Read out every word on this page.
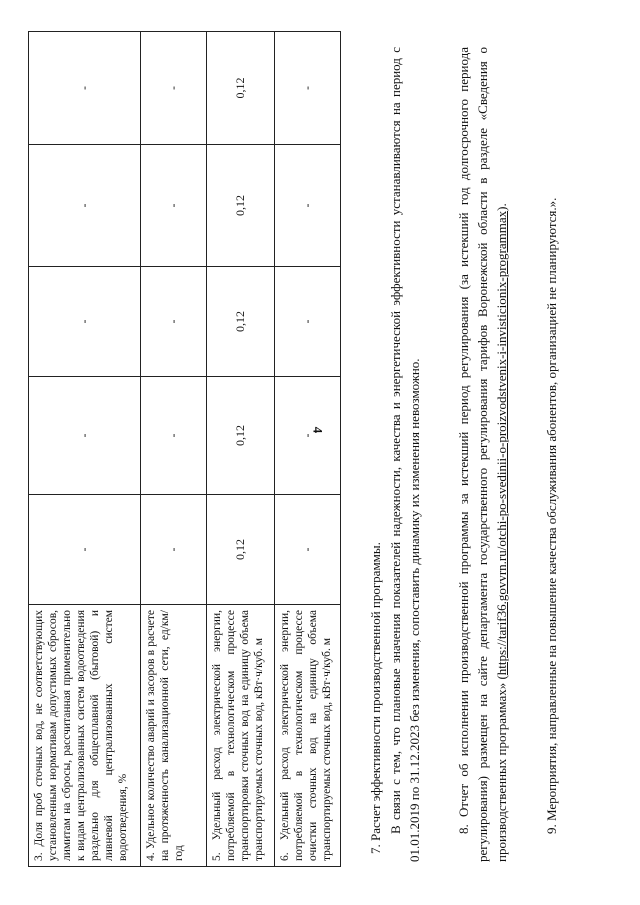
4
3. Доля проб сточных вод, не соответствующих установленным нормативам допустимых сбросов, лимитам на сбросы, рассчитанная применительно к видам централизованных систем водоотведения раздельно для общесплавной (бытовой) и ливневой централизованных систем водоотведения, %	-	-	-	-	-
4. Удельное количество аварий и засоров в расчете на протяженность канализационной сети, ед/км/год	-	-	-	-	-
5. Удельный расход электрической энергии, потребляемой в технологическом процессе транспортировки сточных вод на единицу объема транспортируемых сточных вод, кВт·ч/куб. м	0,12	0,12	0,12	0,12	0,12
6. Удельный расход электрической энергии, потребляемой в технологическом процессе очистки сточных вод на единицу объема транспортируемых сточных вод, кВт·ч/куб. м	-	-	-	-	-
7. Расчет эффективности производственной программы. В связи с тем, что плановые значения показателей надежности, качества и энергетической эффективности устанавливаются на период с 01.01.2019 по 31.12.2023 без изменения, сопоставить динамику их изменения невозможно.	8. Отчет об исполнении производственной программы за истекший период регулирования (за истекший год долгосрочного периода регулирования) размещен на сайте департамента государственного регулирования тарифов Воронежской области в разделе «Сведения о производственных программах» (https://tarif36.govvrn.ru/otchi-po-svedinii-o-proizvodstvenix-i-invisticionix-programmax).	9. Мероприятия, направленные на повышение качества обслуживания абонентов, организацией не планируются.».
